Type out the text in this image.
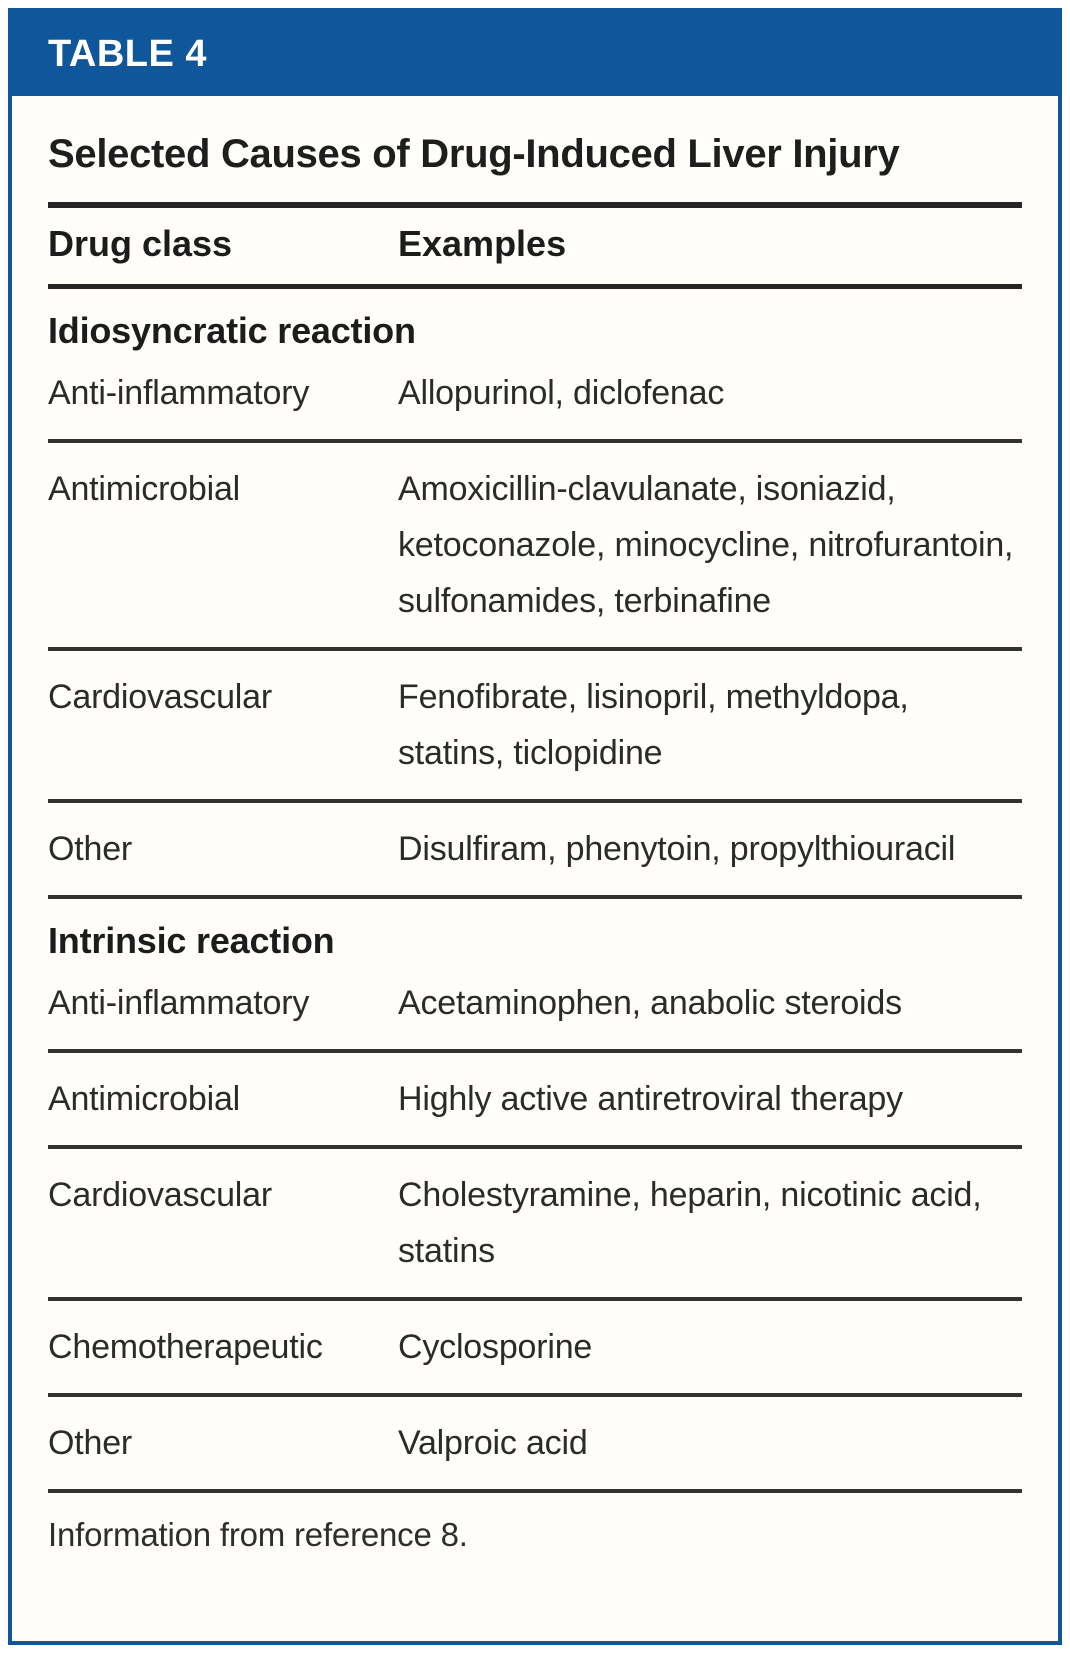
TABLE 4
Selected Causes of Drug-Induced Liver Injury
Drug class	Examples
Idiosyncratic reaction
Anti-inflammatory	Allopurinol, diclofenac
Antimicrobial	Amoxicillin-clavulanate, isoniazid, ketoconazole, minocycline, nitrofurantoin, sulfonamides, terbinafine
Cardiovascular	Fenofibrate, lisinopril, methyldopa, statins, ticlopidine
Other	Disulfiram, phenytoin, propylthiouracil
Intrinsic reaction
Anti-inflammatory	Acetaminophen, anabolic steroids
Antimicrobial	Highly active antiretroviral therapy
Cardiovascular	Cholestyramine, heparin, nicotinic acid, statins
Chemotherapeutic	Cyclosporine
Other	Valproic acid
Information from reference 8.
